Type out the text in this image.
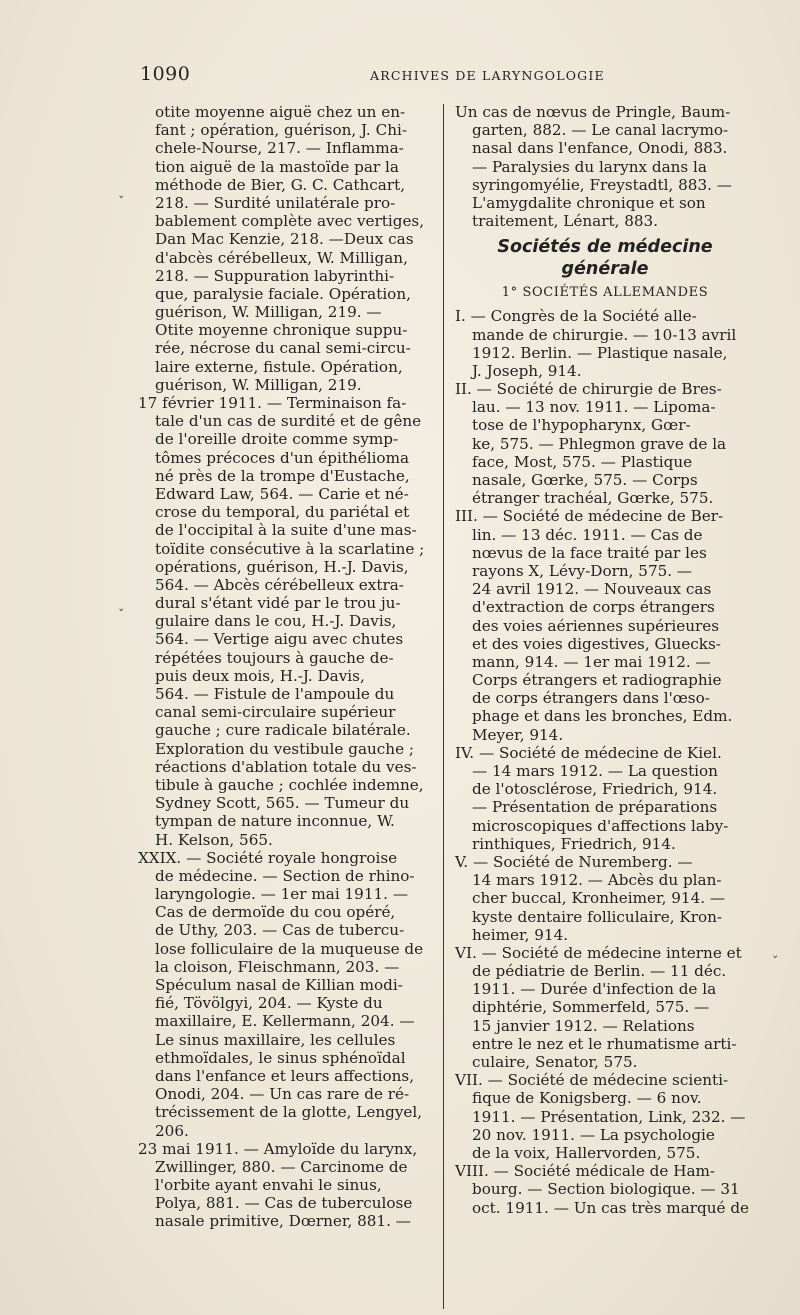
1090	ARCHIVES DE LARYNGOLOGIE
otite moyenne aiguë chez un en-
fant ; opération, guérison, J. Chi-
chele-Nourse, 217. — Inflamma-
tion aiguë de la mastoïde par la
méthode de Bier, G. C. Cathcart,
218. — Surdité unilatérale pro-
bablement complète avec vertiges,
Dan Mac Kenzie, 218. —Deux cas
d'abcès cérébelleux, W. Milligan,
218. — Suppuration labyrinthi-
que, paralysie faciale. Opération,
guérison, W. Milligan, 219. —
Otite moyenne chronique suppu-
rée, nécrose du canal semi-circu-
laire externe, fistule. Opération,
guérison, W. Milligan, 219.
17 février 1911. — Terminaison fa-
tale d'un cas de surdité et de gêne
de l'oreille droite comme symp-
tômes précoces d'un épithélioma
né près de la trompe d'Eustache,
Edward Law, 564. — Carie et né-
crose du temporal, du pariétal et
de l'occipital à la suite d'une mas-
toïdite consécutive à la scarlatine ;
opérations, guérison, H.-J. Davis,
564. — Abcès cérébelleux extra-
dural s'étant vidé par le trou ju-
gulaire dans le cou, H.-J. Davis,
564. — Vertige aigu avec chutes
répétées toujours à gauche de-
puis deux mois, H.-J. Davis,
564. — Fistule de l'ampoule du
canal semi-circulaire supérieur
gauche ; cure radicale bilatérale.
Exploration du vestibule gauche ;
réactions d'ablation totale du ves-
tibule à gauche ; cochlée indemne,
Sydney Scott, 565. — Tumeur du
tympan de nature inconnue, W.
H. Kelson, 565.
XXIX. — Société royale hongroise
de médecine. — Section de rhino-
laryngologie. — 1er mai 1911. —
Cas de dermoïde du cou opéré,
de Uthy, 203. — Cas de tubercu-
lose folliculaire de la muqueuse de
la cloison, Fleischmann, 203. —
Spéculum nasal de Killian modi-
fié, Tövölgyi, 204. — Kyste du
maxillaire, E. Kellermann, 204. —
Le sinus maxillaire, les cellules
ethmoïdales, le sinus sphénoïdal
dans l'enfance et leurs affections,
Onodi, 204. — Un cas rare de ré-
trécissement de la glotte, Lengyel,
206.
23 mai 1911. — Amyloïde du larynx,
Zwillinger, 880. — Carcinome de
l'orbite ayant envahi le sinus,
Polya, 881. — Cas de tuberculose
nasale primitive, Dœrner, 881. —
Un cas de nœvus de Pringle, Baum-
garten, 882. — Le canal lacrymo-
nasal dans l'enfance, Onodi, 883.
— Paralysies du larynx dans la
syringomyélie, Freystadtl, 883. —
L'amygdalite chronique et son
traitement, Lénart, 883.
Sociétés de médecine
générale
1° SOCIÉTÉS ALLEMANDES
I. — Congrès de la Société alle-
mande de chirurgie. — 10-13 avril
1912. Berlin. — Plastique nasale,
J. Joseph, 914.
II. — Société de chirurgie de Bres-
lau. — 13 nov. 1911. — Lipoma-
tose de l'hypopharynx, Gœr-
ke, 575. — Phlegmon grave de la
face, Most, 575. — Plastique
nasale, Gœrke, 575. — Corps
étranger trachéal, Gœrke, 575.
III. — Société de médecine de Ber-
lin. — 13 déc. 1911. — Cas de
nœvus de la face traité par les
rayons X, Lévy-Dorn, 575. —
24 avril 1912. — Nouveaux cas
d'extraction de corps étrangers
des voies aériennes supérieures
et des voies digestives, Gluecks-
mann, 914. — 1er mai 1912. —
Corps étrangers et radiographie
de corps étrangers dans l'œso-
phage et dans les bronches, Edm.
Meyer, 914.
IV. — Société de médecine de Kiel.
— 14 mars 1912. — La question
de l'otosclérose, Friedrich, 914.
— Présentation de préparations
microscopiques d'affections laby-
rinthiques, Friedrich, 914.
V. — Société de Nuremberg. —
14 mars 1912. — Abcès du plan-
cher buccal, Kronheimer, 914. —
kyste dentaire folliculaire, Kron-
heimer, 914.
VI. — Société de médecine interne et
de pédiatrie de Berlin. — 11 déc.
1911. — Durée d'infection de la
diphtérie, Sommerfeld, 575. —
15 janvier 1912. — Relations
entre le nez et le rhumatisme arti-
culaire, Senator, 575.
VII. — Société de médecine scienti-
fique de Konigsberg. — 6 nov.
1911. — Présentation, Link, 232. —
20 nov. 1911. — La psychologie
de la voix, Hallervorden, 575.
VIII. — Société médicale de Ham-
bourg. — Section biologique. — 31
oct. 1911. — Un cas très marqué de
ˇ
ˇ
ˇ
